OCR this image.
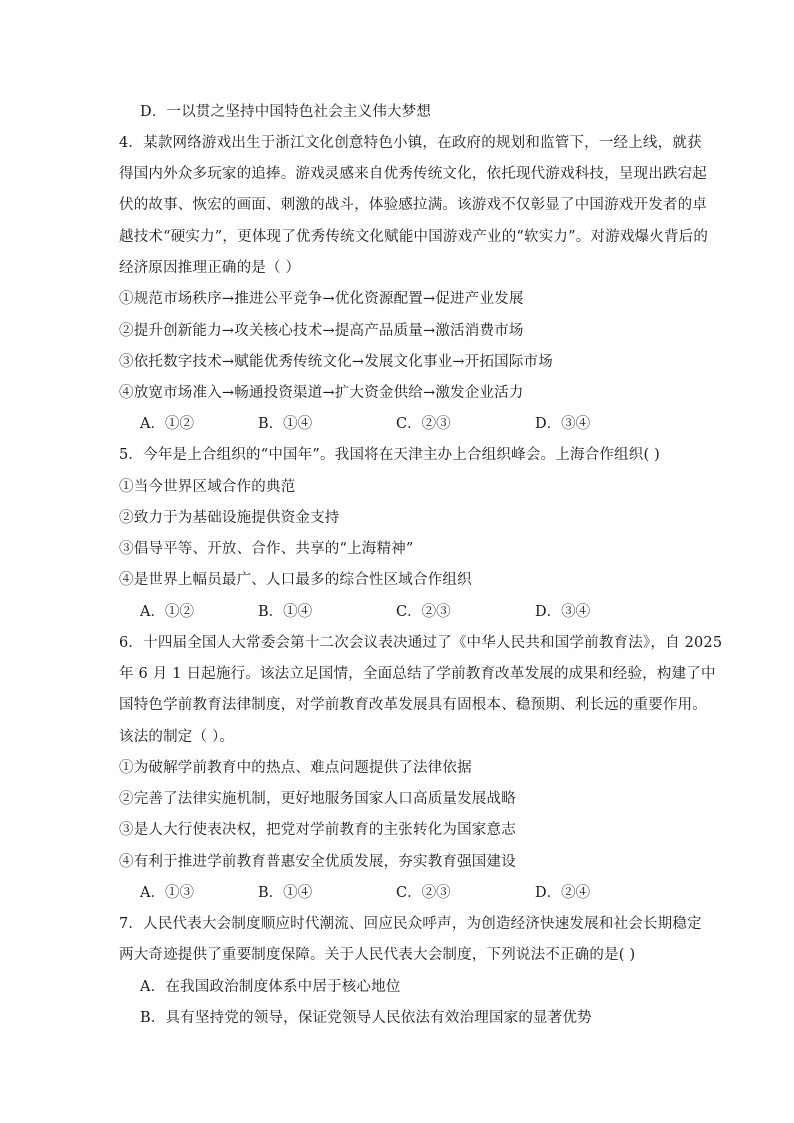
D．一以贯之坚持中国特色社会主义伟大梦想
4．某款网络游戏出生于浙江文化创意特色小镇，在政府的规划和监管下，一经上线，就获
得国内外众多玩家的追捧。游戏灵感来自优秀传统文化，依托现代游戏科技，呈现出跌宕起
伏的故事、恢宏的画面、刺激的战斗，体验感拉满。该游戏不仅彰显了中国游戏开发者的卓
越技术“硬实力”，更体现了优秀传统文化赋能中国游戏产业的“软实力”。对游戏爆火背后的
经济原因推理正确的是（ ）
①规范市场秩序→推进公平竞争→优化资源配置→促进产业发展
②提升创新能力→攻关核心技术→提高产品质量→激活消费市场
③依托数字技术→赋能优秀传统文化→发展文化事业→开拓国际市场
④放宽市场准入→畅通投资渠道→扩大资金供给→激发企业活力
A．①②	B．①④	C．②③	D．③④
5．今年是上合组织的“中国年”。我国将在天津主办上合组织峰会。上海合作组织( )
①当今世界区域合作的典范
②致力于为基础设施提供资金支持
③倡导平等、开放、合作、共享的“上海精神”
④是世界上幅员最广、人口最多的综合性区域合作组织
A．①②	B．①④	C．②③	D．③④
6．十四届全国人大常委会第十二次会议表决通过了《中华人民共和国学前教育法》，自 2025
年 6 月 1 日起施行。该法立足国情，全面总结了学前教育改革发展的成果和经验，构建了中
国特色学前教育法律制度，对学前教育改革发展具有固根本、稳预期、利长远的重要作用。
该法的制定（ ）。
①为破解学前教育中的热点、难点问题提供了法律依据
②完善了法律实施机制，更好地服务国家人口高质量发展战略
③是人大行使表决权，把党对学前教育的主张转化为国家意志
④有利于推进学前教育普惠安全优质发展，夯实教育强国建设
A．①③	B．①④	C．②③	D．②④
7．人民代表大会制度顺应时代潮流、回应民众呼声，为创造经济快速发展和社会长期稳定
两大奇迹提供了重要制度保障。关于人民代表大会制度，下列说法不正确的是( )
A．在我国政治制度体系中居于核心地位
B．具有坚持党的领导，保证党领导人民依法有效治理国家的显著优势
